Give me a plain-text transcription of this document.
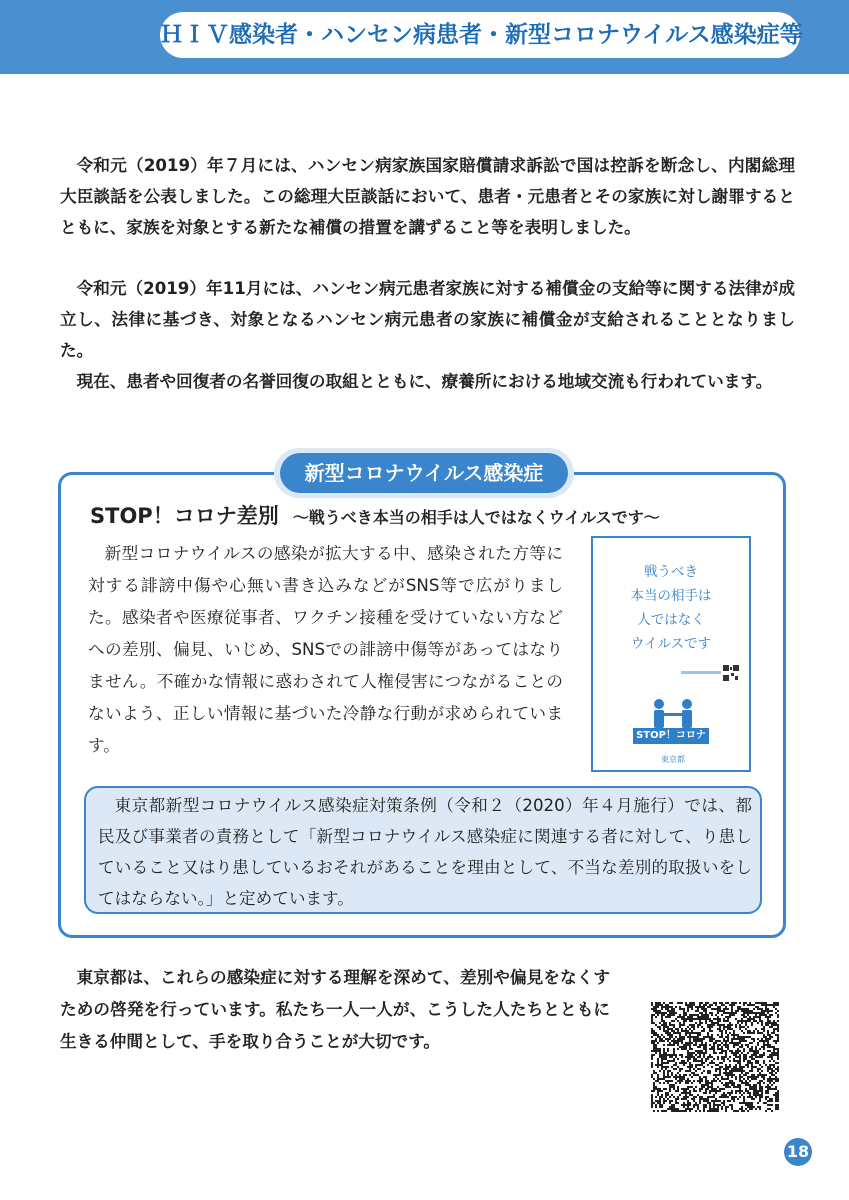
ＨＩＶ感染者・ハンセン病患者・新型コロナウイルス感染症等

令和元（2019）年７月には、ハンセン病家族国家賠償請求訴訟で国は控訴を断念し、内閣総理大臣談話を公表しました。この総理大臣談話において、患者・元患者とその家族に対し謝罪するとともに、家族を対象とする新たな補償の措置を講ずること等を表明しました。

令和元（2019）年11月には、ハンセン病元患者家族に対する補償金の支給等に関する法律が成立し、法律に基づき、対象となるハンセン病元患者の家族に補償金が支給されることとなりました。

現在、患者や回復者の名誉回復の取組とともに、療養所における地域交流も行われています。

新型コロナウイルス感染症
STOP！コロナ差別 ～戦うべき本当の相手は人ではなくウイルスです～

新型コロナウイルスの感染が拡大する中、感染された方等に対する誹謗中傷や心無い書き込みなどがSNS等で広がりました。感染者や医療従事者、ワクチン接種を受けていない方などへの差別、偏見、いじめ、SNSでの誹謗中傷等があってはなりません。不確かな情報に惑わされて人権侵害につながることのないよう、正しい情報に基づいた冷静な行動が求められています。

戦うべき
本当の相手は
人ではなく
ウイルスです
STOP！コロナ差別
東京都

東京都新型コロナウイルス感染症対策条例（令和２（2020）年４月施行）では、都民及び事業者の責務として「新型コロナウイルス感染症に関連する者に対して、り患していること又はり患しているおそれがあることを理由として、不当な差別的取扱いをしてはならない。」と定めています。

東京都は、これらの感染症に対する理解を深めて、差別や偏見をなくすための啓発を行っています。私たち一人一人が、こうした人たちとともに生きる仲間として、手を取り合うことが大切です。

18
